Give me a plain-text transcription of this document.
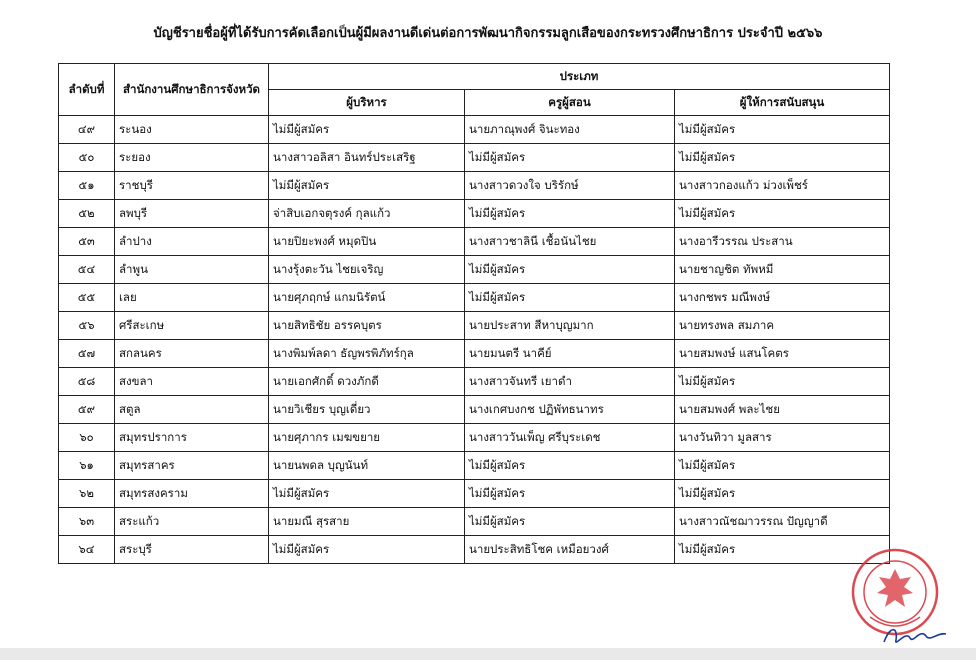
บัญชีรายชื่อผู้ที่ได้รับการคัดเลือกเป็นผู้มีผลงานดีเด่นต่อการพัฒนากิจกรรมลูกเสือของกระทรวงศึกษาธิการ ประจำปี ๒๕๖๖
ลำดับที่	สำนักงานศึกษาธิการจังหวัด	ประเภท		
		ผู้บริหาร	ครูผู้สอน	ผู้ให้การสนับสนุน
๔๙	ระนอง	ไม่มีผู้สมัคร	นายภาณุพงศ์ จินะทอง	ไม่มีผู้สมัคร
๕๐	ระยอง	นางสาวอลิสา อินทร์ประเสริฐ	ไม่มีผู้สมัคร	ไม่มีผู้สมัคร
๕๑	ราชบุรี	ไม่มีผู้สมัคร	นางสาวดวงใจ บริรักษ์	นางสาวกองแก้ว ม่วงเพ็ชร์
๕๒	ลพบุรี	จ่าสิบเอกจตุรงค์ กุลแก้ว	ไม่มีผู้สมัคร	ไม่มีผู้สมัคร
๕๓	ลำปาง	นายปิยะพงศ์ หมุดปิน	นางสาวชาลินี เชื้อนันไชย	นางอารีวรรณ ประสาน
๕๔	ลำพูน	นางรุ้งตะวัน ไชยเจริญ	ไม่มีผู้สมัคร	นายชาญชิต ทัพหมี
๕๕	เลย	นายศุภฤกษ์ แกมนิรัตน์	ไม่มีผู้สมัคร	นางกชพร มณีพงษ์
๕๖	ศรีสะเกษ	นายสิทธิชัย อรรคบุตร	นายประสาท สีหาบุญมาก	นายทรงพล สมภาค
๕๗	สกลนคร	นางพิมพ์ลดา ธัญพรพิภัทร์กุล	นายมนตรี นาคีย์	นายสมพงษ์ แสนโคตร
๕๘	สงขลา	นายเอกศักดิ์ ดวงภักดี	นางสาวจันทรี เยาดำ	ไม่มีผู้สมัคร
๕๙	สตูล	นายวิเชียร บุญเดี่ยว	นางเกศบงกช ปฏิพัทธนาทร	นายสมพงศ์ พละไชย
๖๐	สมุทรปราการ	นายศุภากร เมฆขยาย	นางสาววันเพ็ญ ศรีบุระเดช	นางวันทิวา มูลสาร
๖๑	สมุทรสาคร	นายนพดล บุญนันท์	ไม่มีผู้สมัคร	ไม่มีผู้สมัคร
๖๒	สมุทรสงคราม	ไม่มีผู้สมัคร	ไม่มีผู้สมัคร	ไม่มีผู้สมัคร
๖๓	สระแก้ว	นายมณี สุรสาย	ไม่มีผู้สมัคร	นางสาวณัชฌาวรรณ ปัญญาดี
๖๔	สระบุรี	ไม่มีผู้สมัคร	นายประสิทธิโชค เหมือยวงศ์	ไม่มีผู้สมัคร
